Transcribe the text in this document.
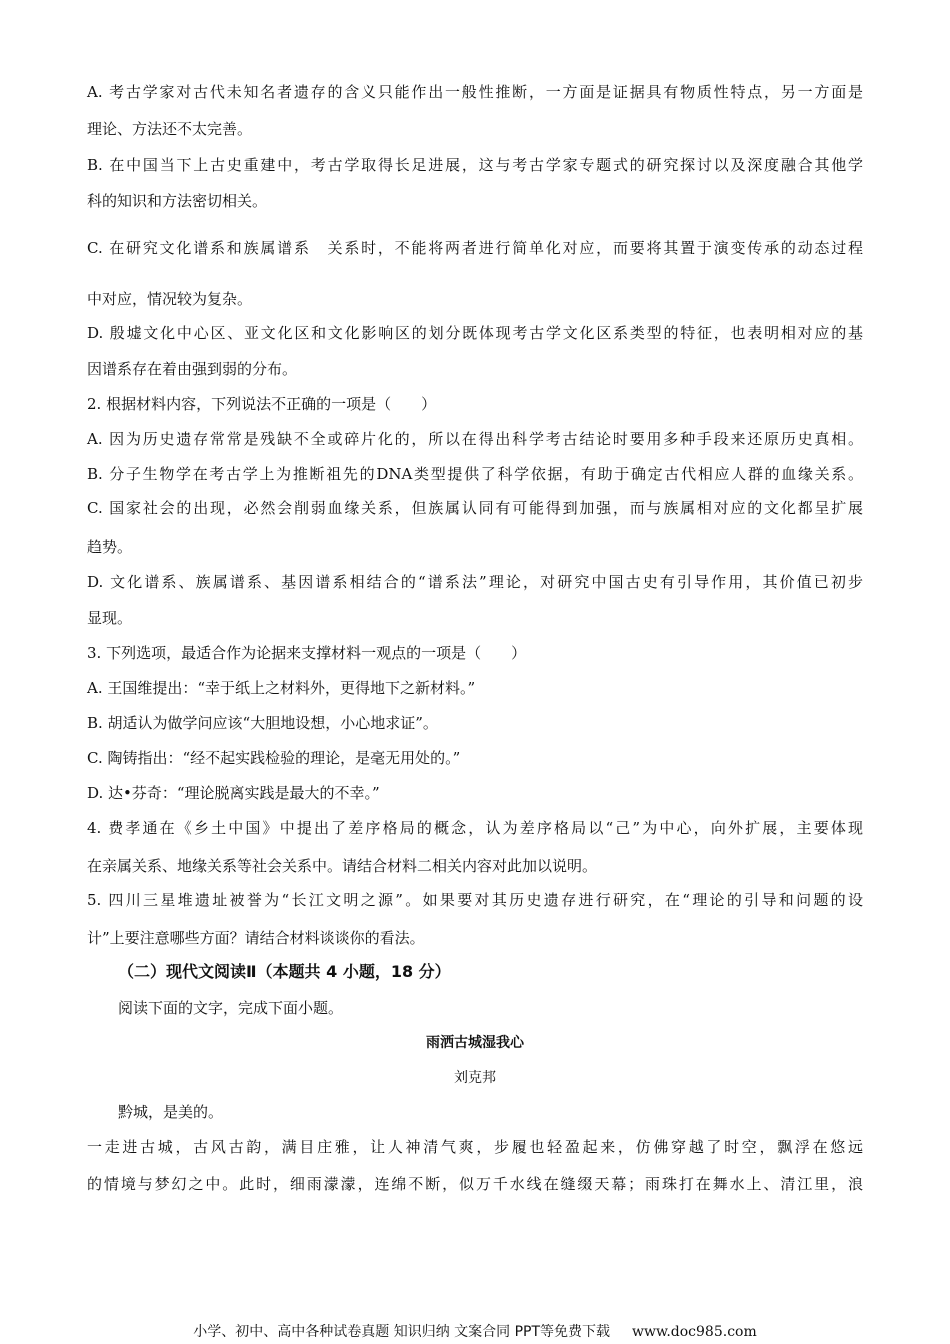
A. 考古学家对古代未知名者遗存的含义只能作出一般性推断，一方面是证据具有物质性特点，另一方面是

理论、方法还不太完善。

B. 在中国当下上古史重建中，考古学取得长足进展，这与考古学家专题式的研究探讨以及深度融合其他学

科的知识和方法密切相关。

C. 在研究文化谱系和族属谱系　关系时，不能将两者进行简单化对应，而要将其置于演变传承的动态过程

中对应，情况较为复杂。

D. 殷墟文化中心区、亚文化区和文化影响区的划分既体现考古学文化区系类型的特征，也表明相对应的基

因谱系存在着由强到弱的分布。

2. 根据材料内容，下列说法不正确的一项是（　　）

A. 因为历史遗存常常是残缺不全或碎片化的，所以在得出科学考古结论时要用多种手段来还原历史真相。

B. 分子生物学在考古学上为推断祖先的DNA类型提供了科学依据，有助于确定古代相应人群的血缘关系。

C. 国家社会的出现，必然会削弱血缘关系，但族属认同有可能得到加强，而与族属相对应的文化都呈扩展

趋势。

D. 文化谱系、族属谱系、基因谱系相结合的“谱系法”理论，对研究中国古史有引导作用，其价值已初步

显现。

3. 下列选项，最适合作为论据来支撑材料一观点的一项是（　　）

A. 王国维提出：“幸于纸上之材料外，更得地下之新材料。”

B. 胡适认为做学问应该“大胆地设想，小心地求证”。

C. 陶铸指出：“经不起实践检验的理论，是毫无用处的。”

D. 达•芬奇：“理论脱离实践是最大的不幸。”

4. 费孝通在《乡土中国》中提出了差序格局的概念，认为差序格局以“己”为中心，向外扩展，主要体现

在亲属关系、地缘关系等社会关系中。请结合材料二相关内容对此加以说明。

5. 四川三星堆遗址被誉为“长江文明之源”。如果要对其历史遗存进行研究，在“理论的引导和问题的设

计”上要注意哪些方面？请结合材料谈谈你的看法。

（二）现代文阅读Ⅱ（本题共 4 小题，18 分）

阅读下面的文字，完成下面小题。

雨洒古城湿我心

刘克邦

黔城，是美的。

一走进古城，古风古韵，满目庄雅，让人神清气爽，步履也轻盈起来，仿佛穿越了时空，飘浮在悠远

的情境与梦幻之中。此时，细雨濛濛，连绵不断，似万千水线在缝缀天幕；雨珠打在舞水上、清江里，浪

小学、初中、高中各种试卷真题 知识归纳 文案合同 PPT等免费下载 www.doc985.com
